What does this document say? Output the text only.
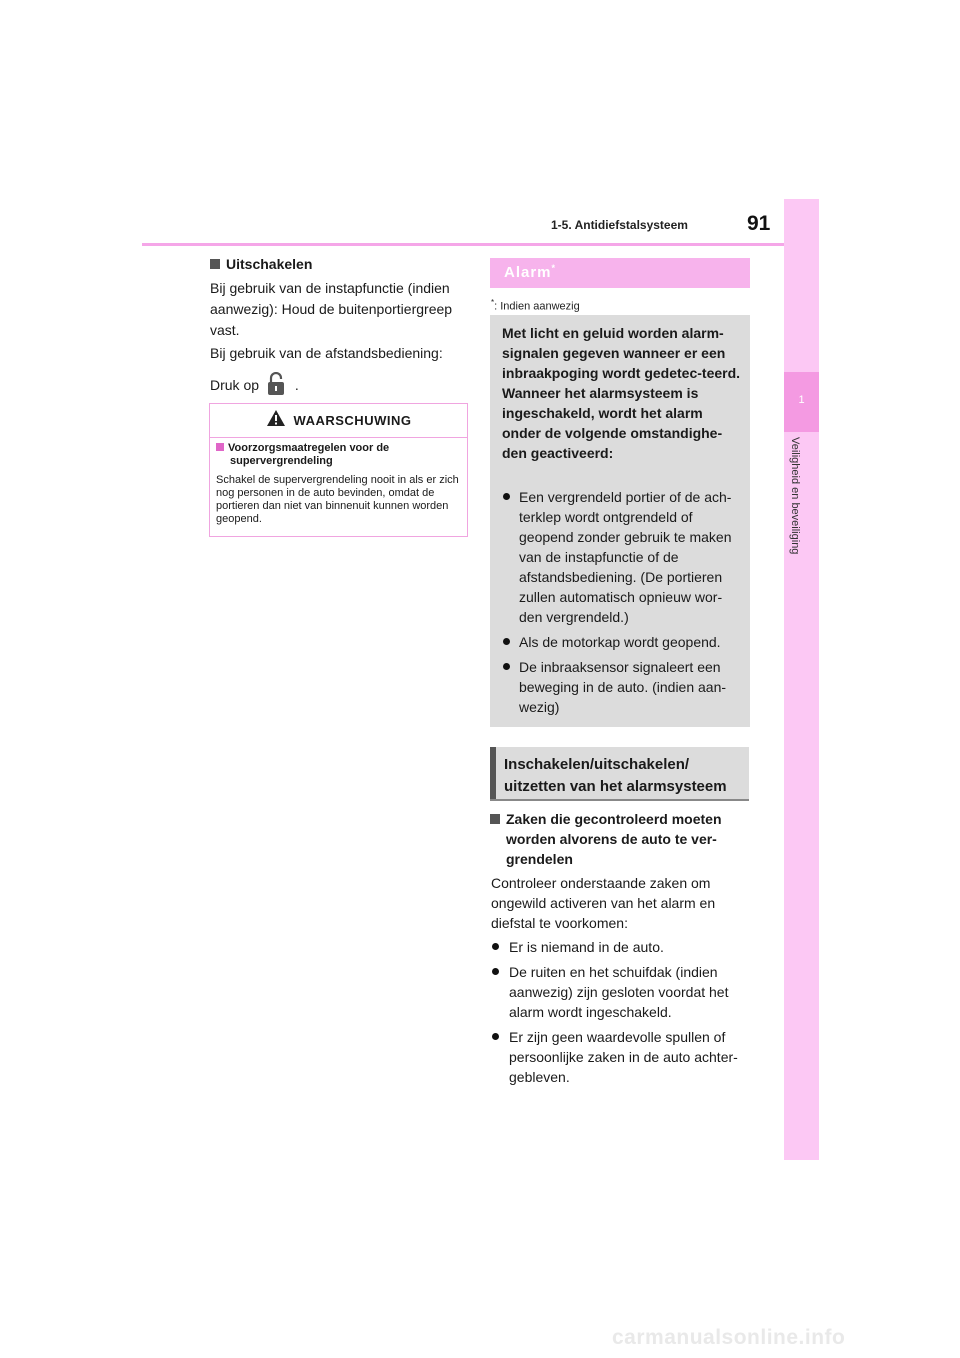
1-5. Antidiefstalsysteem	91
1
Veiligheid en beveiliging
Uitschakelen
Bij gebruik van de instapfunctie (indien aanwezig): Houd de buitenportiergreep vast.
Bij gebruik van de afstandsbediening:
Druk op	.
WAARSCHUWING
Voorzorgsmaatregelen voor de
supervergrendeling
Schakel de supervergrendeling nooit in als er zich nog personen in de auto bevinden, omdat de portieren dan niet van binnenuit kunnen worden geopend.
Alarm*
*: Indien aanwezig
Met licht en geluid worden alarm-signalen gegeven wanneer er een inbraakpoging wordt gedetec-teerd. Wanneer het alarmsysteem is ingeschakeld, wordt het alarm onder de volgende omstandighe-den geactiveerd:
Een vergrendeld portier of de ach-terklep wordt ontgrendeld of geopend zonder gebruik te maken van de instapfunctie of de afstandsbediening. (De portieren zullen automatisch opnieuw wor-den vergrendeld.)
Als de motorkap wordt geopend.
De inbraaksensor signaleert een beweging in de auto. (indien aan-wezig)
Inschakelen/uitschakelen/ uitzetten van het alarmsysteem
Zaken die gecontroleerd moeten worden alvorens de auto te ver-grendelen
Controleer onderstaande zaken om ongewild activeren van het alarm en diefstal te voorkomen:
Er is niemand in de auto.
De ruiten en het schuifdak (indien aanwezig) zijn gesloten voordat het alarm wordt ingeschakeld.
Er zijn geen waardevolle spullen of persoonlijke zaken in de auto achter-gebleven.
carmanualsonline.info
